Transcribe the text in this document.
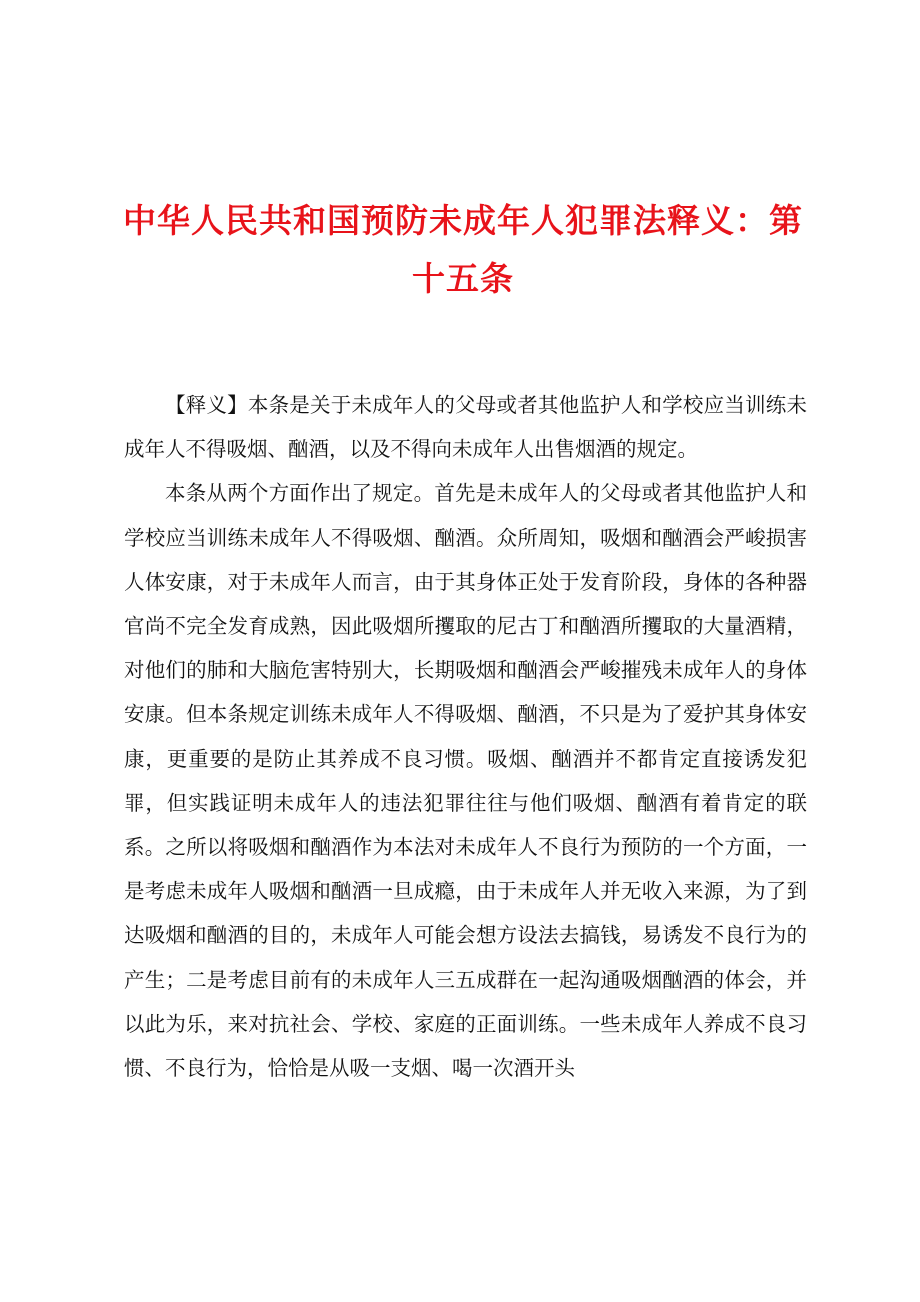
中华人民共和国预防未成年人犯罪法释义：第十五条

【释义】本条是关于未成年人的父母或者其他监护人和学校应当训练未成年人不得吸烟、酗酒，以及不得向未成年人出售烟酒的规定。

本条从两个方面作出了规定。首先是未成年人的父母或者其他监护人和学校应当训练未成年人不得吸烟、酗酒。众所周知，吸烟和酗酒会严峻损害人体安康，对于未成年人而言，由于其身体正处于发育阶段，身体的各种器官尚不完全发育成熟，因此吸烟所攫取的尼古丁和酗酒所攫取的大量酒精，对他们的肺和大脑危害特别大，长期吸烟和酗酒会严峻摧残未成年人的身体安康。但本条规定训练未成年人不得吸烟、酗酒，不只是为了爱护其身体安康，更重要的是防止其养成不良习惯。吸烟、酗酒并不都肯定直接诱发犯罪，但实践证明未成年人的违法犯罪往往与他们吸烟、酗酒有着肯定的联系。之所以将吸烟和酗酒作为本法对未成年人不良行为预防的一个方面，一是考虑未成年人吸烟和酗酒一旦成瘾，由于未成年人并无收入来源，为了到达吸烟和酗酒的目的，未成年人可能会想方设法去搞钱，易诱发不良行为的产生；二是考虑目前有的未成年人三五成群在一起沟通吸烟酗酒的体会，并以此为乐，来对抗社会、学校、家庭的正面训练。一些未成年人养成不良习惯、不良行为，恰恰是从吸一支烟、喝一次酒开头
